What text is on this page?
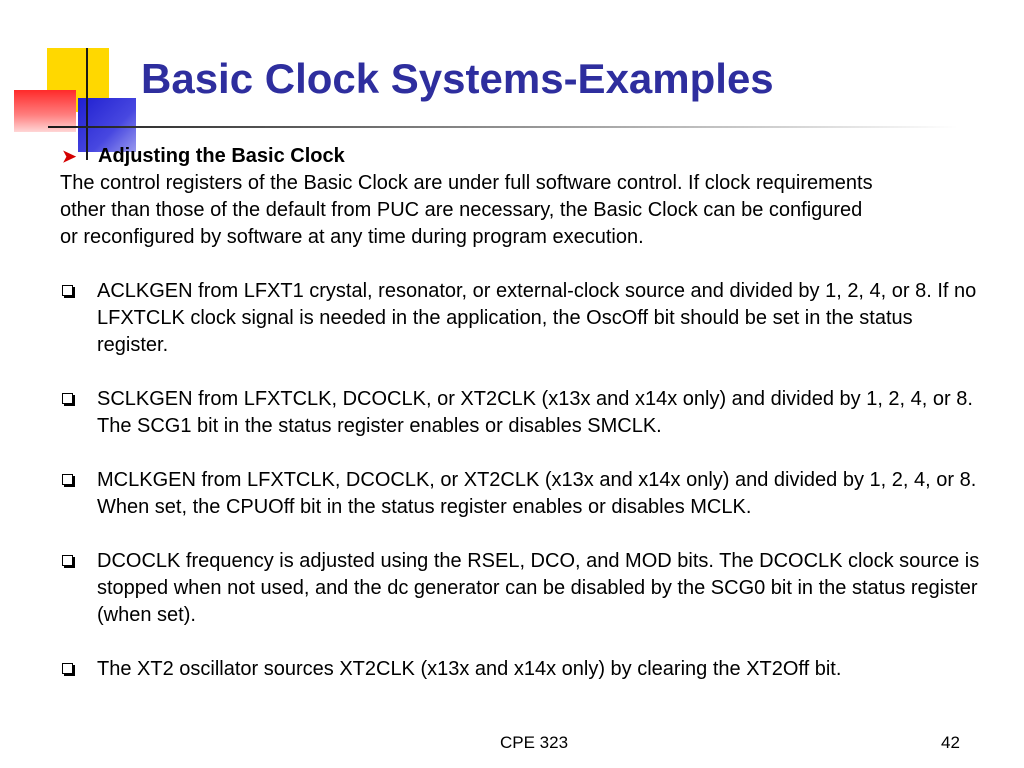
Basic Clock Systems-Examples
➤ Adjusting the Basic Clock

The control registers of the Basic Clock are under full software control. If clock requirements other than those of the default from PUC are necessary, the Basic Clock can be configured or reconfigured by software at any time during program execution.

ACLKGEN from LFXT1 crystal, resonator, or external-clock source and divided by 1, 2, 4, or 8. If no LFXTCLK clock signal is needed in the application, the OscOff bit should be set in the status register.
SCLKGEN from LFXTCLK, DCOCLK, or XT2CLK (x13x and x14x only) and divided by 1, 2, 4, or 8. The SCG1 bit in the status register enables or disables SMCLK.
MCLKGEN from LFXTCLK, DCOCLK, or XT2CLK (x13x and x14x only) and divided by 1, 2, 4, or 8. When set, the CPUOff bit in the status register enables or disables MCLK.
DCOCLK frequency is adjusted using the RSEL, DCO, and MOD bits. The DCOCLK clock source is stopped when not used, and the dc generator can be disabled by the SCG0 bit in the status register (when set).
The XT2 oscillator sources XT2CLK (x13x and x14x only) by clearing the XT2Off bit.
CPE 323	42
